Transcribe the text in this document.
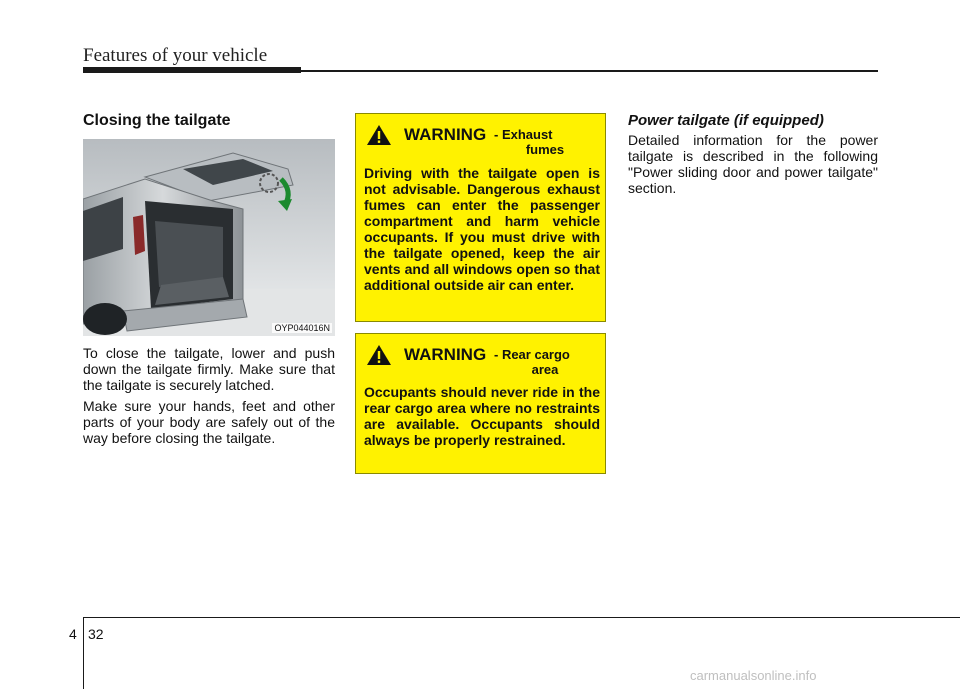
Features of your vehicle
Closing the tailgate
OYP044016N

To close the tailgate, lower and push down the tailgate firmly. Make sure that the tailgate is securely latched.

Make sure your hands, feet and other parts of your body are safely out of the way before closing the tailgate.

WARNING - Exhaust
fumes

Driving with the tailgate open is not advisable. Dangerous exhaust fumes can enter the passenger compartment and harm vehicle occupants. If you must drive with the tailgate opened, keep the air vents and all windows open so that additional outside air can enter.

WARNING - Rear cargo
area

Occupants should never ride in the rear cargo area where no restraints are available. Occupants should always be properly restrained.

Power tailgate (if equipped)

Detailed information for the power tailgate is described in the following "Power sliding door and power tailgate" section.

4 32
carmanualsonline.info
